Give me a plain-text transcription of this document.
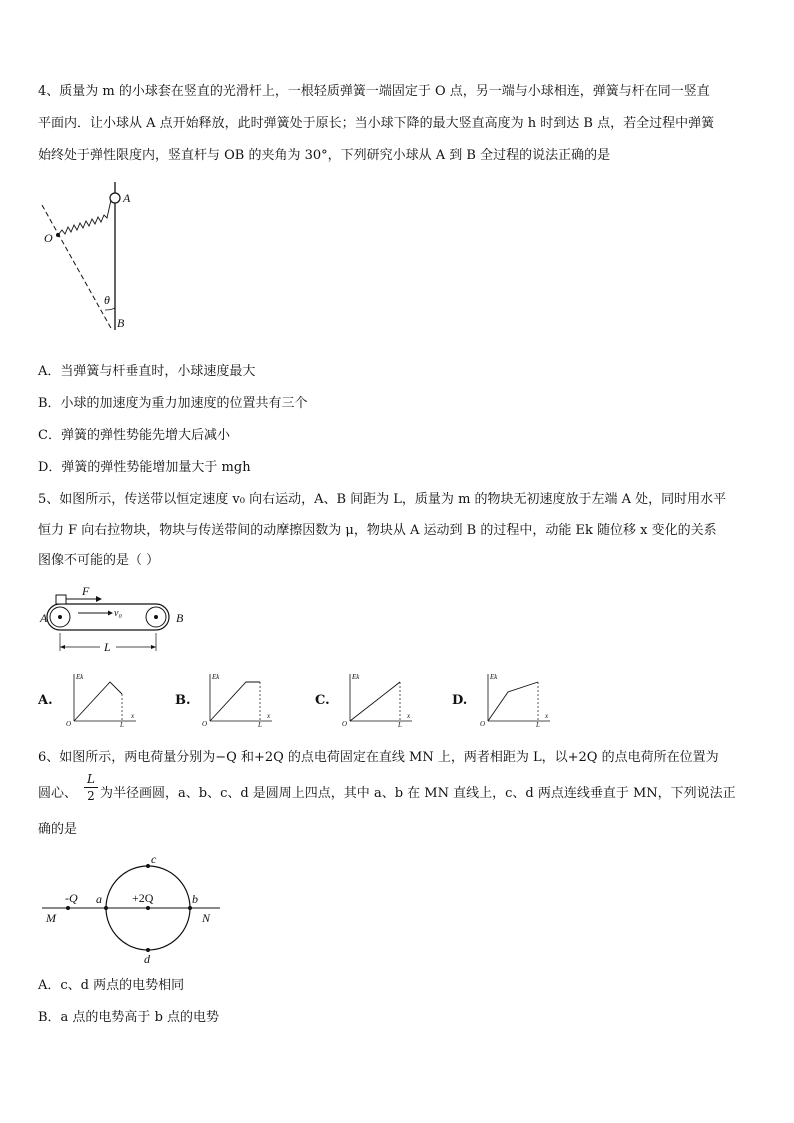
4、质量为 m 的小球套在竖直的光滑杆上，一根轻质弹簧一端固定于 O 点，另一端与小球相连，弹簧与杆在同一竖直
平面内．让小球从 A 点开始释放，此时弹簧处于原长；当小球下降的最大竖直高度为 h 时到达 B 点，若全过程中弹簧
始终处于弹性限度内，竖直杆与 OB 的夹角为 30°，下列研究小球从 A 到 B 全过程的说法正确的是
A
O
θ
B
A．当弹簧与杆垂直时，小球速度最大
B．小球的加速度为重力加速度的位置共有三个
C．弹簧的弹性势能先增大后减小
D．弹簧的弹性势能增加量大于 mgh
5、如图所示，传送带以恒定速度 v₀ 向右运动，A、B 间距为 L，质量为 m 的物块无初速度放于左端 A 处，同时用水平
恒力 F 向右拉物块，物块与传送带间的动摩擦因数为 μ，物块从 A 运动到 B 的过程中，动能 Ek 随位移 x 变化的关系
图像不可能的是（ ）
F
v₀
A	B
L
A.	B.	C.	D.
Ek
x
O	L
Ek
x
O	L
Ek
x
O	L
Ek
x
O	L
6、如图所示，两电荷量分别为−Q 和+2Q 的点电荷固定在直线 MN 上，两者相距为 L，以+2Q 的点电荷所在位置为
圆心、
L
2 为半径画圆，a、b、c、d 是圆周上四点，其中 a、b 在 MN 直线上，c、d 两点连线垂直于 MN，下列说法正
确的是
-Q	+2Q
M	N
a	b
c
d
A．c、d 两点的电势相同
B．a 点的电势高于 b 点的电势
